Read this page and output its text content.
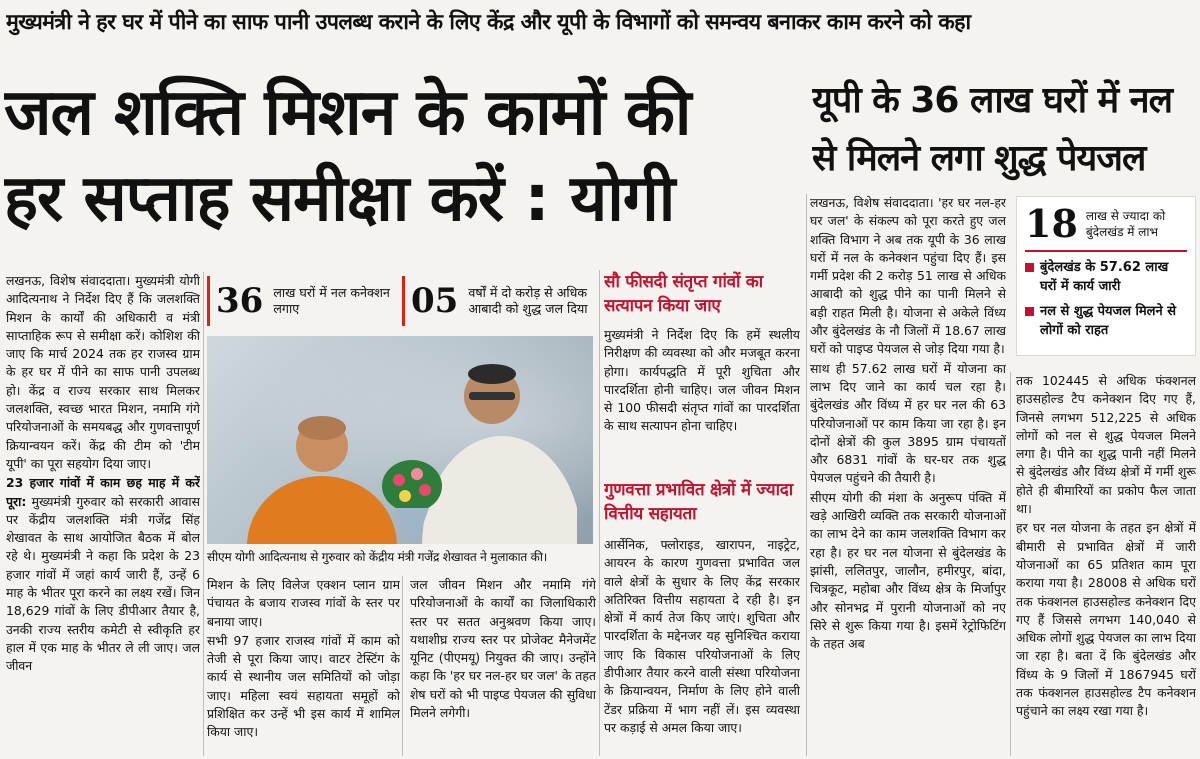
मुख्यमंत्री ने हर घर में पीने का साफ पानी उपलब्ध कराने के लिए केंद्र और यूपी के विभागों को समन्वय बनाकर काम करने को कहा
जल शक्ति मिशन के कामों की
हर सप्ताह समीक्षा करें : योगी
यूपी के 36 लाख घरों में नल
से मिलने लगा शुद्ध पेयजल

लखनऊ, विशेष संवाददाता। मुख्यमंत्री योगी आदित्यनाथ ने निर्देश दिए हैं कि जलशक्ति मिशन के कार्यों की अधिकारी व मंत्री साप्ताहिक रूप से समीक्षा करें। कोशिश की जाए कि मार्च 2024 तक हर राजस्व ग्राम के हर घर में पीने का साफ पानी उपलब्ध हो। केंद्र व राज्य सरकार साथ मिलकर जलशक्ति, स्वच्छ भारत मिशन, नमामि गंगे परियोजनाओं के समयबद्ध और गुणवत्तापूर्ण क्रियान्वयन करें। केंद्र की टीम को 'टीम यूपी' का पूरा सहयोग दिया जाए।

23 हजार गांवों में काम छह माह में करें पूरा: मुख्यमंत्री गुरुवार को सरकारी आवास पर केंद्रीय जलशक्ति मंत्री गजेंद्र सिंह शेखावत के साथ आयोजित बैठक में बोल रहे थे। मुख्यमंत्री ने कहा कि प्रदेश के 23 हजार गांवों में जहां कार्य जारी हैं, उन्हें 6 माह के भीतर पूरा करने का लक्ष्य रखें। जिन 18,629 गांवों के लिए डीपीआर तैयार है, उनकी राज्य स्तरीय कमेटी से स्वीकृति हर हाल में एक माह के भीतर ले ली जाए। जल जीवन

36 लाख घरों में नल कनेक्शन लगाए	05 वर्षों में दो करोड़ से अधिक आबादी को शुद्ध जल दिया
सीएम योगी आदित्यनाथ से गुरुवार को केंद्रीय मंत्री गजेंद्र शेखावत ने मुलाकात की।

मिशन के लिए विलेज एक्शन प्लान ग्राम पंचायत के बजाय राजस्व गांवों के स्तर पर बनाया जाए।

सभी 97 हजार राजस्व गांवों में काम को तेजी से पूरा किया जाए। वाटर टेस्टिंग के कार्य से स्थानीय जल समितियों को जोड़ा जाए। महिला स्वयं सहायता समूहों को प्रशिक्षित कर उन्हें भी इस कार्य में शामिल किया जाए।

जल जीवन मिशन और नमामि गंगे परियोजनाओं के कार्यों का जिलाधिकारी स्तर पर सतत अनुश्रवण किया जाए। यथाशीघ्र राज्य स्तर पर प्रोजेक्ट मैनेजमेंट यूनिट (पीएमयू) नियुक्त की जाए। उन्होंने कहा कि 'हर घर नल-हर घर जल' के तहत शेष घरों को भी पाइप्ड पेयजल की सुविधा मिलने लगेगी।

सौ फीसदी संतृप्त गांवों का सत्यापन किया जाए

मुख्यमंत्री ने निर्देश दिए कि हमें स्थलीय निरीक्षण की व्यवस्था को और मजबूत करना होगा। कार्यपद्धति में पूरी शुचिता और पारदर्शिता होनी चाहिए। जल जीवन मिशन से 100 फीसदी संतृप्त गांवों का पारदर्शिता के साथ सत्यापन होना चाहिए।

गुणवत्ता प्रभावित क्षेत्रों में ज्यादा वित्तीय सहायता

आर्सेनिक, फ्लोराइड, खारापन, नाइट्रेट, आयरन के कारण गुणवत्ता प्रभावित जल वाले क्षेत्रों के सुधार के लिए केंद्र सरकार अतिरिक्त वित्तीय सहायता दे रही है। इन क्षेत्रों में कार्य तेज किए जाएं। शुचिता और पारदर्शिता के मद्देनजर यह सुनिश्चित कराया जाए कि विकास परियोजनाओं के लिए डीपीआर तैयार करने वाली संस्था परियोजना के क्रियान्वयन, निर्माण के लिए होने वाली टेंडर प्रक्रिया में भाग नहीं लें। इस व्यवस्था पर कड़ाई से अमल किया जाए।

लखनऊ, विशेष संवाददाता। 'हर घर नल-हर घर जल' के संकल्प को पूरा करते हुए जल शक्ति विभाग ने अब तक यूपी के 36 लाख घरों में नल के कनेक्शन पहुंचा दिए हैं। इस गर्मी प्रदेश की 2 करोड़ 51 लाख से अधिक आबादी को शुद्ध पीने का पानी मिलने से बड़ी राहत मिली है। योजना से अकेले विंध्य और बुंदेलखंड के नौ जिलों में 18.67 लाख घरों को पाइप्ड पेयजल से जोड़ दिया गया है।

साथ ही 57.62 लाख घरों में योजना का लाभ दिए जाने का कार्य चल रहा है। बुंदेलखंड और विंध्य में हर घर नल की 63 परियोजनाओं पर काम किया जा रहा है। इन दोनों क्षेत्रों की कुल 3895 ग्राम पंचायतों और 6831 गांवों के घर-घर तक शुद्ध पेयजल पहुंचने की तैयारी है।

सीएम योगी की मंशा के अनुरूप पंक्ति में खड़े आखिरी व्यक्ति तक सरकारी योजनाओं का लाभ देने का काम जलशक्ति विभाग कर रहा है। हर घर नल योजना से बुंदेलखंड के झांसी, ललितपुर, जालौन, हमीरपुर, बांदा, चित्रकूट, महोबा और विंध्य क्षेत्र के मिर्जापुर और सोनभद्र में पुरानी योजनाओं को नए सिरे से शुरू किया गया है। इसमें रेट्रोफिटिंग के तहत अब

18 लाख से ज्यादा को बुंदेलखंड में लाभ
बुंदेलखंड के 57.62 लाख घरों में कार्य जारी
नल से शुद्ध पेयजल मिलने से लोगों को राहत

तक 102445 से अधिक फंक्शनल हाउसहोल्ड टैप कनेक्शन दिए गए हैं, जिनसे लगभग 512,225 से अधिक लोगों को नल से शुद्ध पेयजल मिलने लगा है। पीने का शुद्ध पानी नहीं मिलने से बुंदेलखंड और विंध्य क्षेत्रों में गर्मी शुरू होते ही बीमारियों का प्रकोप फैल जाता था।

हर घर नल योजना के तहत इन क्षेत्रों में बीमारी से प्रभावित क्षेत्रों में जारी योजनाओं का 65 प्रतिशत काम पूरा कराया गया है। 28008 से अधिक घरों तक फंक्शनल हाउसहोल्ड कनेक्शन दिए गए हैं जिससे लगभग 140,040 से अधिक लोगों शुद्ध पेयजल का लाभ दिया जा रहा है। बता दें कि बुंदेलखंड और विंध्य के 9 जिलों में 1867945 घरों तक फंक्शनल हाउसहोल्ड टैप कनेक्शन पहुंचाने का लक्ष्य रखा गया है।
